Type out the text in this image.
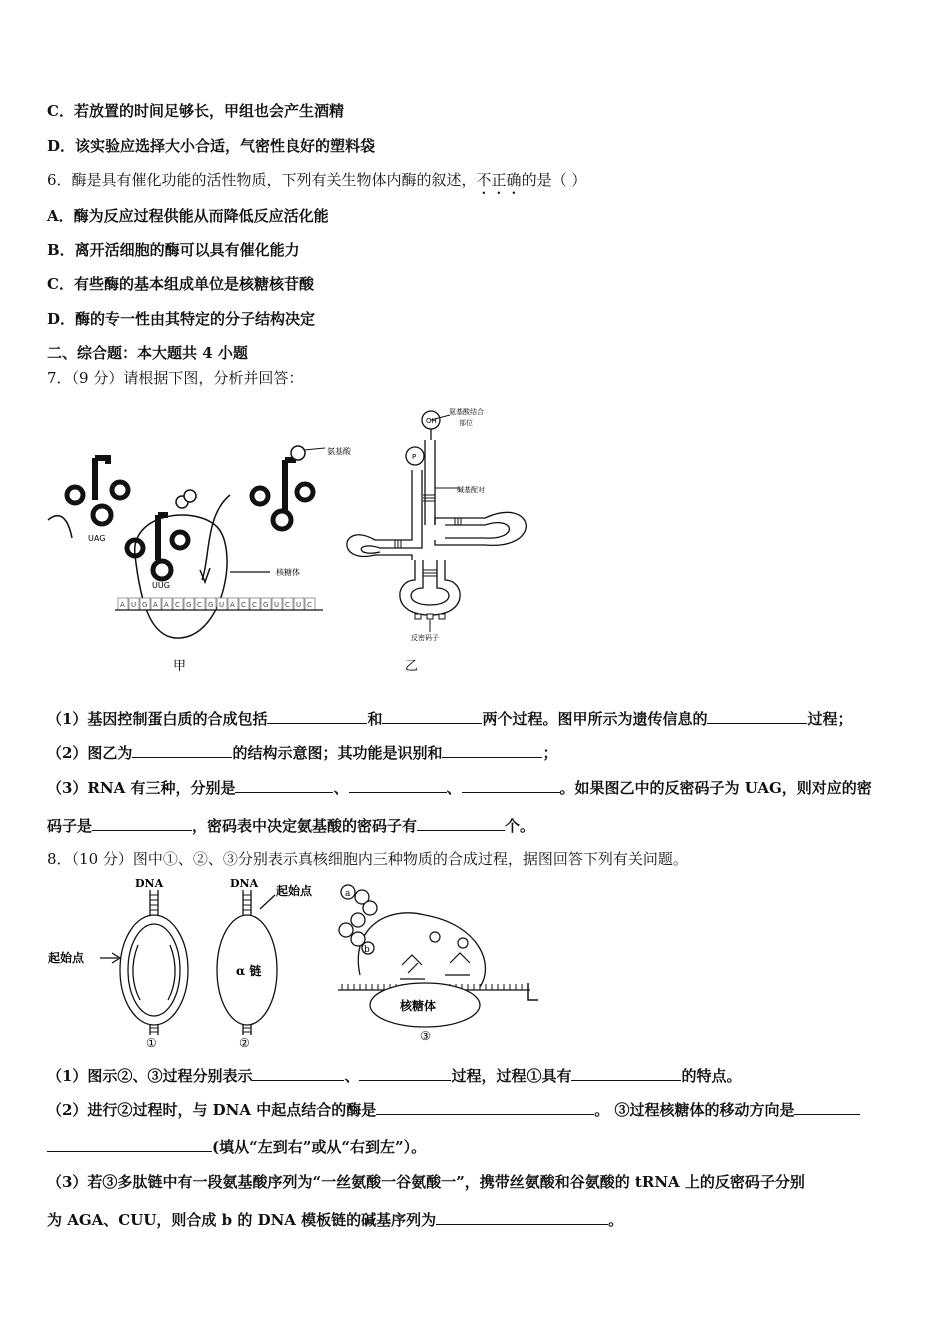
C．若放置的时间足够长，甲组也会产生酒精
D．该实验应选择大小合适，气密性良好的塑料袋
6．酶是具有催化功能的活性物质，下列有关生物体内酶的叙述，不正确的是（ ）
A．酶为反应过程供能从而降低反应活化能
B．离开活细胞的酶可以具有催化能力
C．有些酶的基本组成单位是核糖核苷酸
D．酶的专一性由其特定的分子结构决定
二、综合题：本大题共 4 小题
7．（9 分）请根据下图，分析并回答：
A U G A A C G C G U A C C G U C U C
氨基酸
核糖体
UAG
UUG
甲
OH
P
氨基酸结合
部位
碱基配对
反密码子
乙
（1）基因控制蛋白质的合成包括	和	两个过程。图甲所示为遗传信息的	过程；
（2）图乙为	的结构示意图；其功能是识别和	；
（3）RNA 有三种，分别是	、	、	。如果图乙中的反密码子为 UAG，则对应的密
码子是	，密码表中决定氨基酸的密码子有	个。
8．（10 分）图中①、②、③分别表示真核细胞内三种物质的合成过程，据图回答下列有关问题。
DNA
起始点
①
DNA
起始点
α 链
②
a
b
核糖体
③
（1）图示②、③过程分别表示	、	过程，过程①具有	的特点。
（2）进行②过程时，与 DNA 中起点结合的酶是	。 ③过程核糖体的移动方向是
(填从“左到右”或从“右到左”）。
（3）若③多肽链中有一段氨基酸序列为“一丝氨酸一谷氨酸一”，携带丝氨酸和谷氨酸的 tRNA 上的反密码子分别
为 AGA、CUU，则合成 b 的 DNA 模板链的碱基序列为	。
